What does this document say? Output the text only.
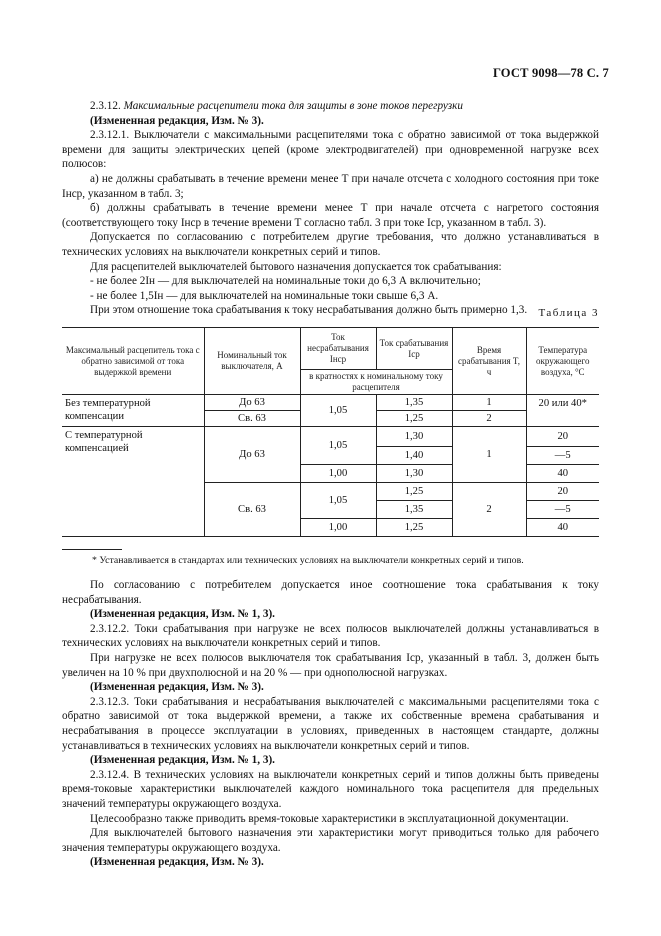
ГОСТ 9098—78 С. 7

2.3.12. Максимальные расцепители тока для защиты в зоне токов перегрузки

(Измененная редакция, Изм. № 3).

2.3.12.1. Выключатели с максимальными расцепителями тока с обратно зависимой от тока выдержкой времени для защиты электрических цепей (кроме электродвигателей) при одновременной нагрузке всех полюсов:

а) не должны срабатывать в течение времени менее T при начале отсчета с холодного состояния при токе Iнср, указанном в табл. 3;

б) должны срабатывать в течение времени менее T при начале отсчета с нагретого состояния (соответствующего току Iнср в течение времени T согласно табл. 3 при токе Iср, указанном в табл. 3).

Допускается по согласованию с потребителем другие требования, что должно устанавливаться в технических условиях на выключатели конкретных серий и типов.

Для расцепителей выключателей бытового назначения допускается ток срабатывания:

- не более 2Iн — для выключателей на номинальные токи до 6,3 А включительно;

- не более 1,5Iн — для выключателей на номинальные токи свыше 6,3 А.

При этом отношение тока срабатывания к току несрабатывания должно быть примерно 1,3.	Таблица 3
Максимальный расцепитель тока с обратно зависимой от тока выдержкой времени	Номинальный ток выключателя, А	Ток несрабатывания Iнср	Ток срабатывания Iср	Время срабатывания T, ч	Температура окружающего воздуха, °С
		в кратностях к номинальному току расцепителя			
Без температурной компенсации	До 63	1,05	1,35	1	20 или 40*
	Св. 63		1,25	2	
С температурной компенсацией	До 63	1,05	1,30	1	20
			1,40		—5
		1,00	1,30		40
	Св. 63	1,05	1,25	2	20
			1,35		—5
		1,00	1,25		40
* Устанавливается в стандартах или технических условиях на выключатели конкретных серий и типов.

По согласованию с потребителем допускается иное соотношение тока срабатывания к току несрабатывания.

(Измененная редакция, Изм. № 1, 3).

2.3.12.2. Токи срабатывания при нагрузке не всех полюсов выключателей должны устанавливаться в технических условиях на выключатели конкретных серий и типов.

При нагрузке не всех полюсов выключателя ток срабатывания Iср, указанный в табл. 3, должен быть увеличен на 10 % при двухполюсной и на 20 % — при однополюсной нагрузках.

(Измененная редакция, Изм. № 3).

2.3.12.3. Токи срабатывания и несрабатывания выключателей с максимальными расцепителями тока с обратно зависимой от тока выдержкой времени, а также их собственные времена срабатывания и несрабатывания в процессе эксплуатации в условиях, приведенных в настоящем стандарте, должны устанавливаться в технических условиях на выключатели конкретных серий и типов.

(Измененная редакция, Изм. № 1, 3).

2.3.12.4. В технических условиях на выключатели конкретных серий и типов должны быть приведены время-токовые характеристики выключателей каждого номинального тока расцепителя для предельных значений температуры окружающего воздуха.

Целесообразно также приводить время-токовые характеристики в эксплуатационной документации.

Для выключателей бытового назначения эти характеристики могут приводиться только для рабочего значения температуры окружающего воздуха.

(Измененная редакция, Изм. № 3).
